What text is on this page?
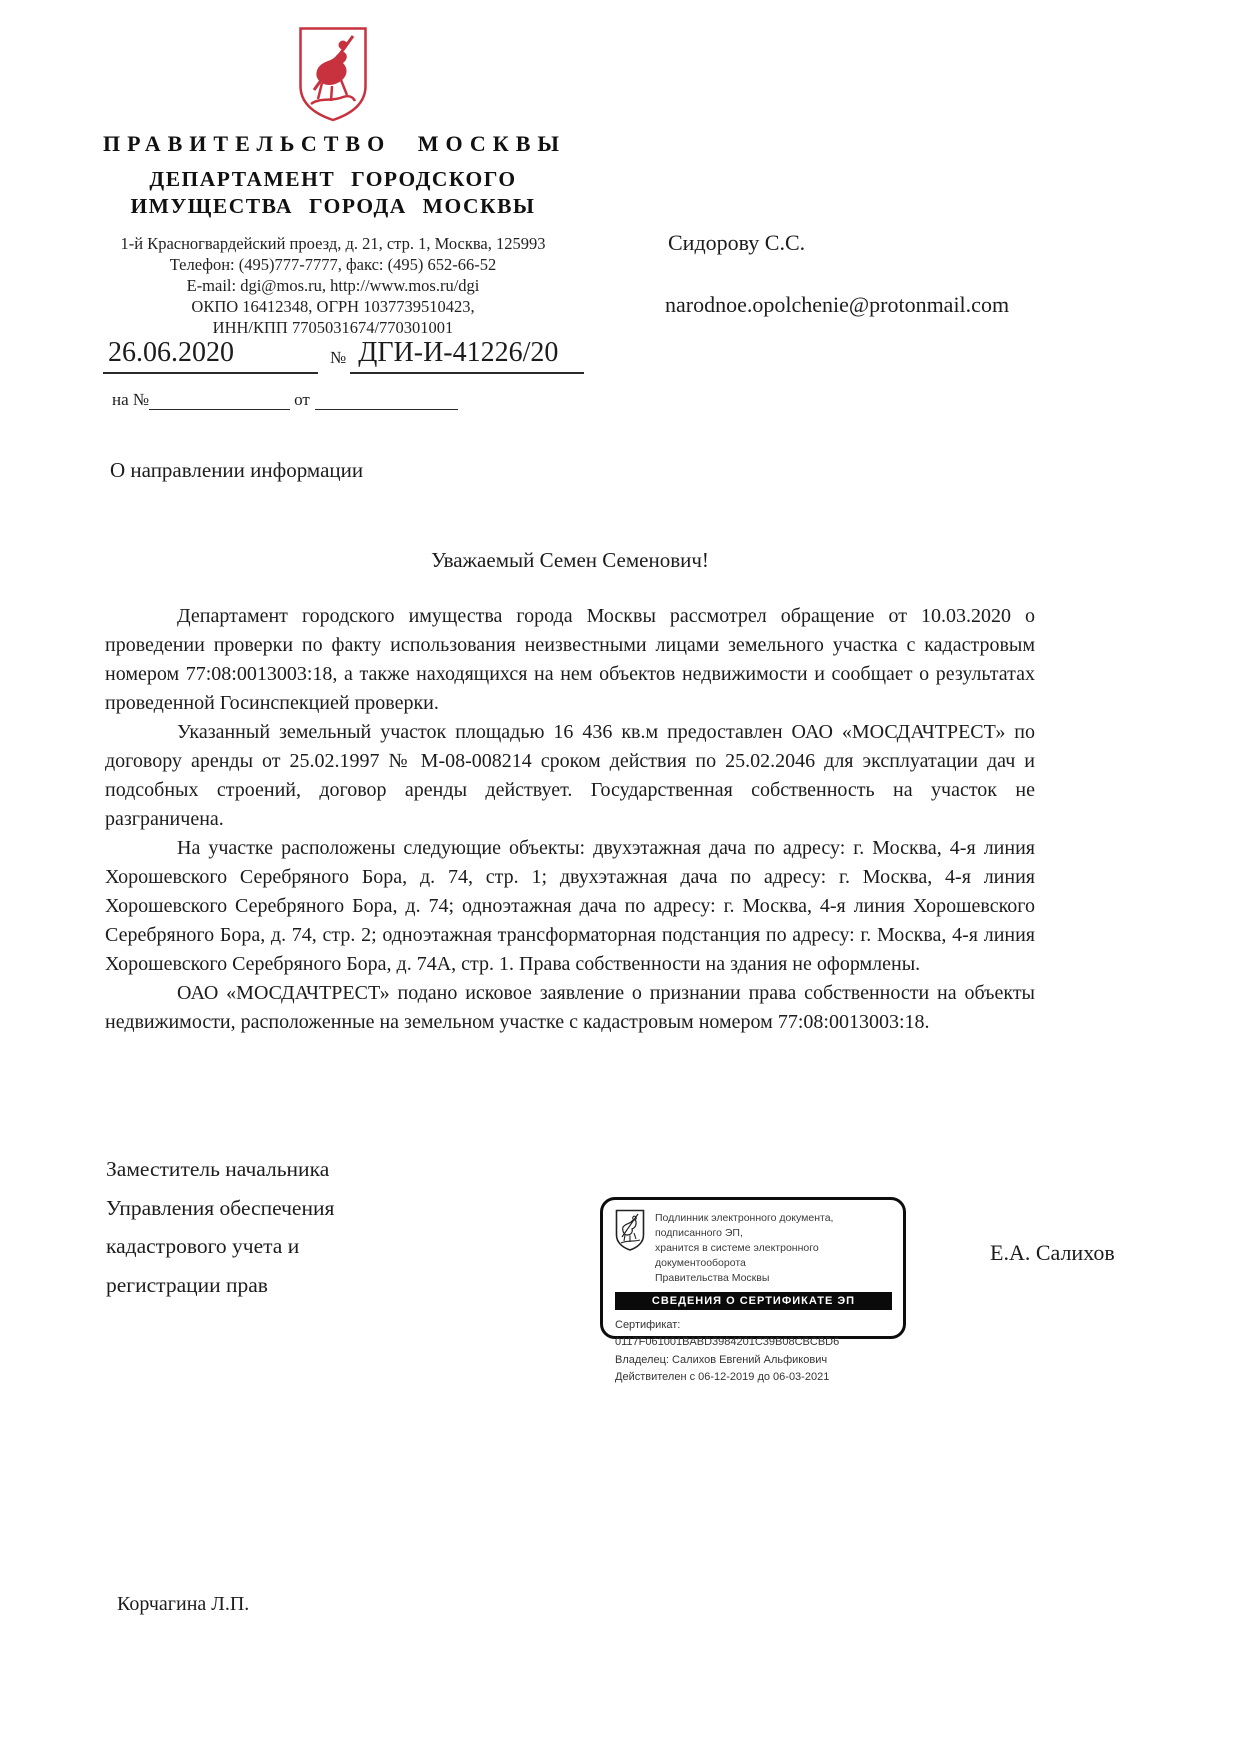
ПРАВИТЕЛЬСТВО МОСКВЫ
ДЕПАРТАМЕНТ ГОРОДСКОГО
ИМУЩЕСТВА ГОРОДА МОСКВЫ
1-й Красногвардейский проезд, д. 21, стр. 1, Москва, 125993
Телефон: (495)777-7777, факс: (495) 652-66-52
E-mail: dgi@mos.ru, http://www.mos.ru/dgi
ОКПО 16412348, ОГРН 1037739510423,
ИНН/КПП 7705031674/770301001
26.06.2020	№ ДГИ-И-41226/20
на №	от
Сидорову С.С.
narodnoe.opolchenie@protonmail.com
О направлении информации
Уважаемый Семен Семенович!

Департамент городского имущества города Москвы рассмотрел обращение от 10.03.2020 о проведении проверки по факту использования неизвестными лицами земельного участка с кадастровым номером 77:08:0013003:18, а также находящихся на нем объектов недвижимости и сообщает о результатах проведенной Госинспекцией проверки.

Указанный земельный участок площадью 16 436 кв.м предоставлен ОАО «МОСДАЧТРЕСТ» по договору аренды от 25.02.1997 № М-08-008214 сроком действия по 25.02.2046 для эксплуатации дач и подсобных строений, договор аренды действует. Государственная собственность на участок не разграничена.

На участке расположены следующие объекты: двухэтажная дача по адресу: г. Москва, 4-я линия Хорошевского Серебряного Бора, д. 74, стр. 1; двухэтажная дача по адресу: г. Москва, 4-я линия Хорошевского Серебряного Бора, д. 74; одноэтажная дача по адресу: г. Москва, 4-я линия Хорошевского Серебряного Бора, д. 74, стр. 2; одноэтажная трансформаторная подстанция по адресу: г. Москва, 4-я линия Хорошевского Серебряного Бора, д. 74А, стр. 1. Права собственности на здания не оформлены.

ОАО «МОСДАЧТРЕСТ» подано исковое заявление о признании права собственности на объекты недвижимости, расположенные на земельном участке с кадастровым номером 77:08:0013003:18.

Заместитель начальника
Управления обеспечения
кадастрового учета и
регистрации прав
Е.А. Салихов
Подлинник электронного документа, подписанного ЭП,
хранится в системе электронного документооборота
Правительства Москвы
СВЕДЕНИЯ О СЕРТИФИКАТЕ ЭП
Сертификат: 0117F061001BABD3984201C39B08CBCBD6
Владелец: Салихов Евгений Альфикович
Действителен с 06-12-2019 до 06-03-2021
Корчагина Л.П.
